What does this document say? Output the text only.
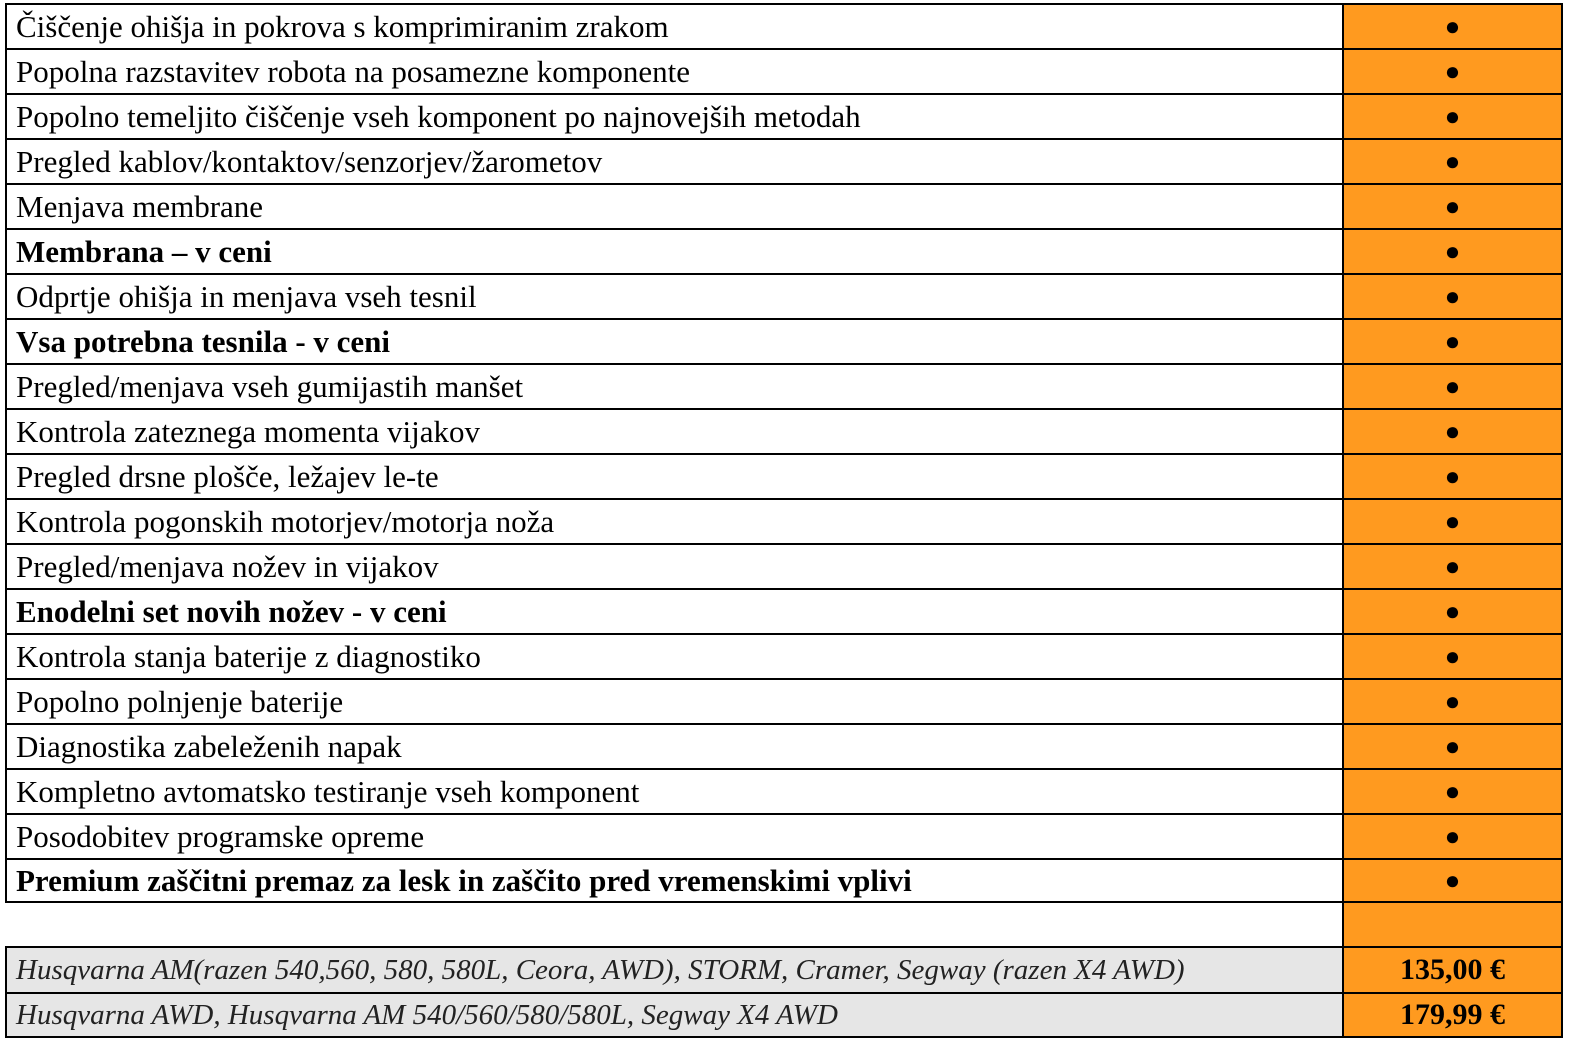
Čiščenje ohišja in pokrova s komprimiranim zrakom	●
Popolna razstavitev robota na posamezne komponente	●
Popolno temeljito čiščenje vseh komponent po najnovejših metodah	●
Pregled kablov/kontaktov/senzorjev/žarometov	●
Menjava membrane	●
Membrana – v ceni	●
Odprtje ohišja in menjava vseh tesnil	●
Vsa potrebna tesnila - v ceni	●
Pregled/menjava vseh gumijastih manšet	●
Kontrola zateznega momenta vijakov	●
Pregled drsne plošče, ležajev le-te	●
Kontrola pogonskih motorjev/motorja noža	●
Pregled/menjava nožev in vijakov	●
Enodelni set novih nožev - v ceni	●
Kontrola stanja baterije z diagnostiko	●
Popolno polnjenje baterije	●
Diagnostika zabeleženih napak	●
Kompletno avtomatsko testiranje vseh komponent	●
Posodobitev programske opreme	●
Premium zaščitni premaz za lesk in zaščito pred vremenskimi vplivi	●
Husqvarna AM(razen 540,560, 580, 580L, Ceora, AWD), STORM, Cramer, Segway (razen X4 AWD)	135,00 €
Husqvarna AWD, Husqvarna AM 540/560/580/580L, Segway X4 AWD	179,99 €
